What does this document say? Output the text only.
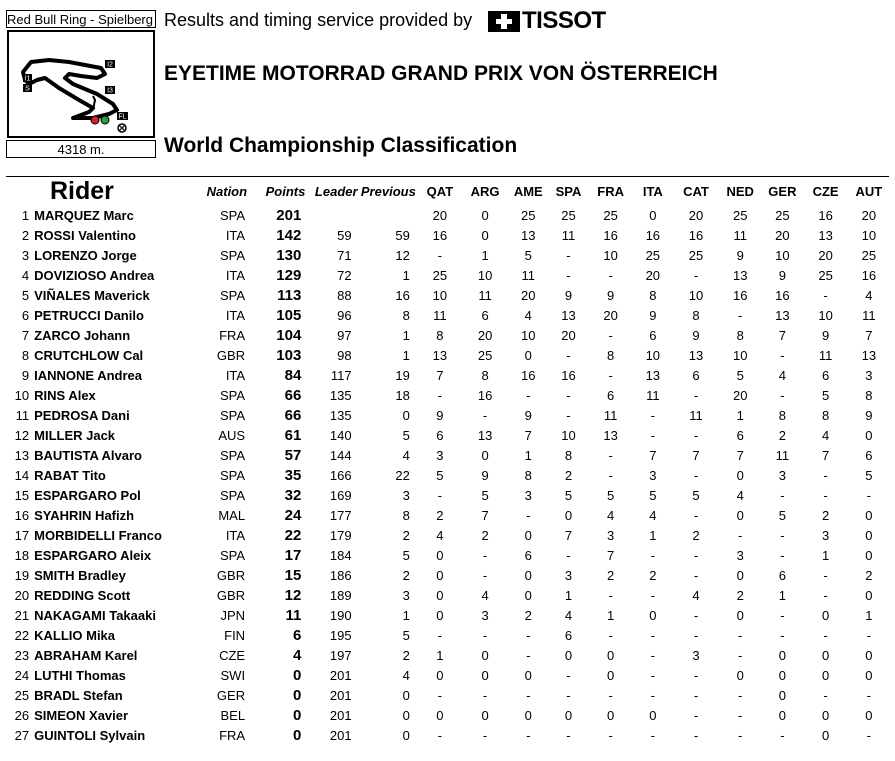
Red Bull Ring - Spielberg
I1
S
I2
I3
FL
4318 m.
Results and timing service provided by TISSOT
EYETIME MOTORRAD GRAND PRIX VON ÖSTERREICH
World Championship Classification
Rider		Nation	Points	Leader	Previous	QAT	ARG	AME	SPA	FRA	ITA	CAT	NED	GER	CZE	AUT
1	MARQUEZ Marc	SPA	201			20	0	25	25	25	0	20	25	25	16	20
2	ROSSI Valentino	ITA	142	59	59	16	0	13	11	16	16	16	11	20	13	10
3	LORENZO Jorge	SPA	130	71	12	-	1	5	-	10	25	25	9	10	20	25
4	DOVIZIOSO Andrea	ITA	129	72	1	25	10	11	-	-	20	-	13	9	25	16
5	VIÑALES Maverick	SPA	113	88	16	10	11	20	9	9	8	10	16	16	-	4
6	PETRUCCI Danilo	ITA	105	96	8	11	6	4	13	20	9	8	-	13	10	11
7	ZARCO Johann	FRA	104	97	1	8	20	10	20	-	6	9	8	7	9	7
8	CRUTCHLOW Cal	GBR	103	98	1	13	25	0	-	8	10	13	10	-	11	13
9	IANNONE Andrea	ITA	84	117	19	7	8	16	16	-	13	6	5	4	6	3
10	RINS Alex	SPA	66	135	18	-	16	-	-	6	11	-	20	-	5	8
11	PEDROSA Dani	SPA	66	135	0	9	-	9	-	11	-	11	1	8	8	9
12	MILLER Jack	AUS	61	140	5	6	13	7	10	13	-	-	6	2	4	0
13	BAUTISTA Alvaro	SPA	57	144	4	3	0	1	8	-	7	7	7	11	7	6
14	RABAT Tito	SPA	35	166	22	5	9	8	2	-	3	-	0	3	-	5
15	ESPARGARO Pol	SPA	32	169	3	-	5	3	5	5	5	5	4	-	-	-
16	SYAHRIN Hafizh	MAL	24	177	8	2	7	-	0	4	4	-	0	5	2	0
17	MORBIDELLI Franco	ITA	22	179	2	4	2	0	7	3	1	2	-	-	3	0
18	ESPARGARO Aleix	SPA	17	184	5	0	-	6	-	7	-	-	3	-	1	0
19	SMITH Bradley	GBR	15	186	2	0	-	0	3	2	2	-	0	6	-	2
20	REDDING Scott	GBR	12	189	3	0	4	0	1	-	-	4	2	1	-	0
21	NAKAGAMI Takaaki	JPN	11	190	1	0	3	2	4	1	0	-	0	-	0	1
22	KALLIO Mika	FIN	6	195	5	-	-	-	6	-	-	-	-	-	-	-
23	ABRAHAM Karel	CZE	4	197	2	1	0	-	0	0	-	3	-	0	0	0
24	LUTHI Thomas	SWI	0	201	4	0	0	0	-	0	-	-	0	0	0	0
25	BRADL Stefan	GER	0	201	0	-	-	-	-	-	-	-	-	0	-	-
26	SIMEON Xavier	BEL	0	201	0	0	0	0	0	0	0	-	-	0	0	0
27	GUINTOLI Sylvain	FRA	0	201	0	-	-	-	-	-	-	-	-	-	0	-
